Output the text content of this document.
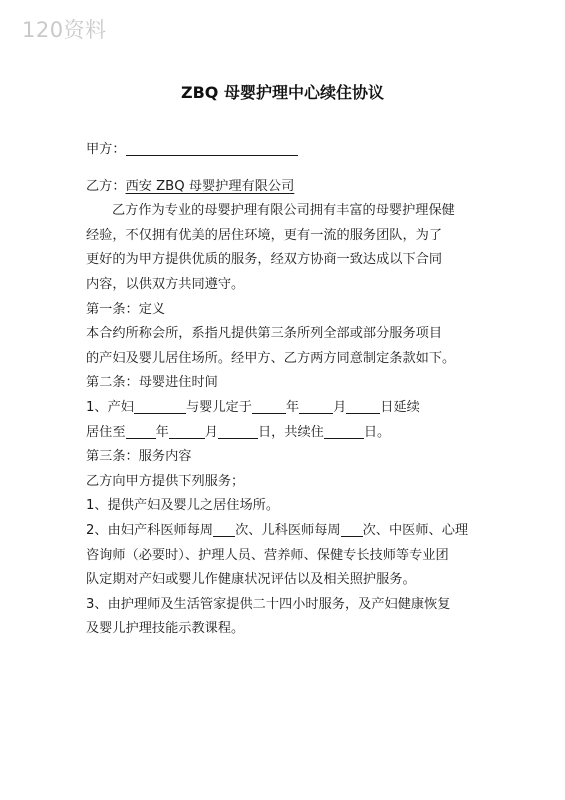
120资料
ZBQ 母婴护理中心续住协议
甲方：
乙方：西安 ZBQ 母婴护理有限公司
乙方作为专业的母婴护理有限公司拥有丰富的母婴护理保健
经验，不仅拥有优美的居住环境，更有一流的服务团队，为了
更好的为甲方提供优质的服务，经双方协商一致达成以下合同
内容，以供双方共同遵守。
第一条：定义
本合约所称会所，系指凡提供第三条所列全部或部分服务项目
的产妇及婴儿居住场所。经甲方、乙方两方同意制定条款如下。
第二条：母婴进住时间
1、产妇	与婴儿定于	年	月	日延续
居住至 年	月	日，共续住	日。
第三条：服务内容
乙方向甲方提供下列服务；
1、提供产妇及婴儿之居住场所。
2、由妇产科医师每周 次、儿科医师每周 次、中医师、心理
咨询师（必要时）、护理人员、营养师、保健专长技师等专业团
队定期对产妇或婴儿作健康状况评估以及相关照护服务。
3、由护理师及生活管家提供二十四小时服务，及产妇健康恢复
及婴儿护理技能示教课程。
